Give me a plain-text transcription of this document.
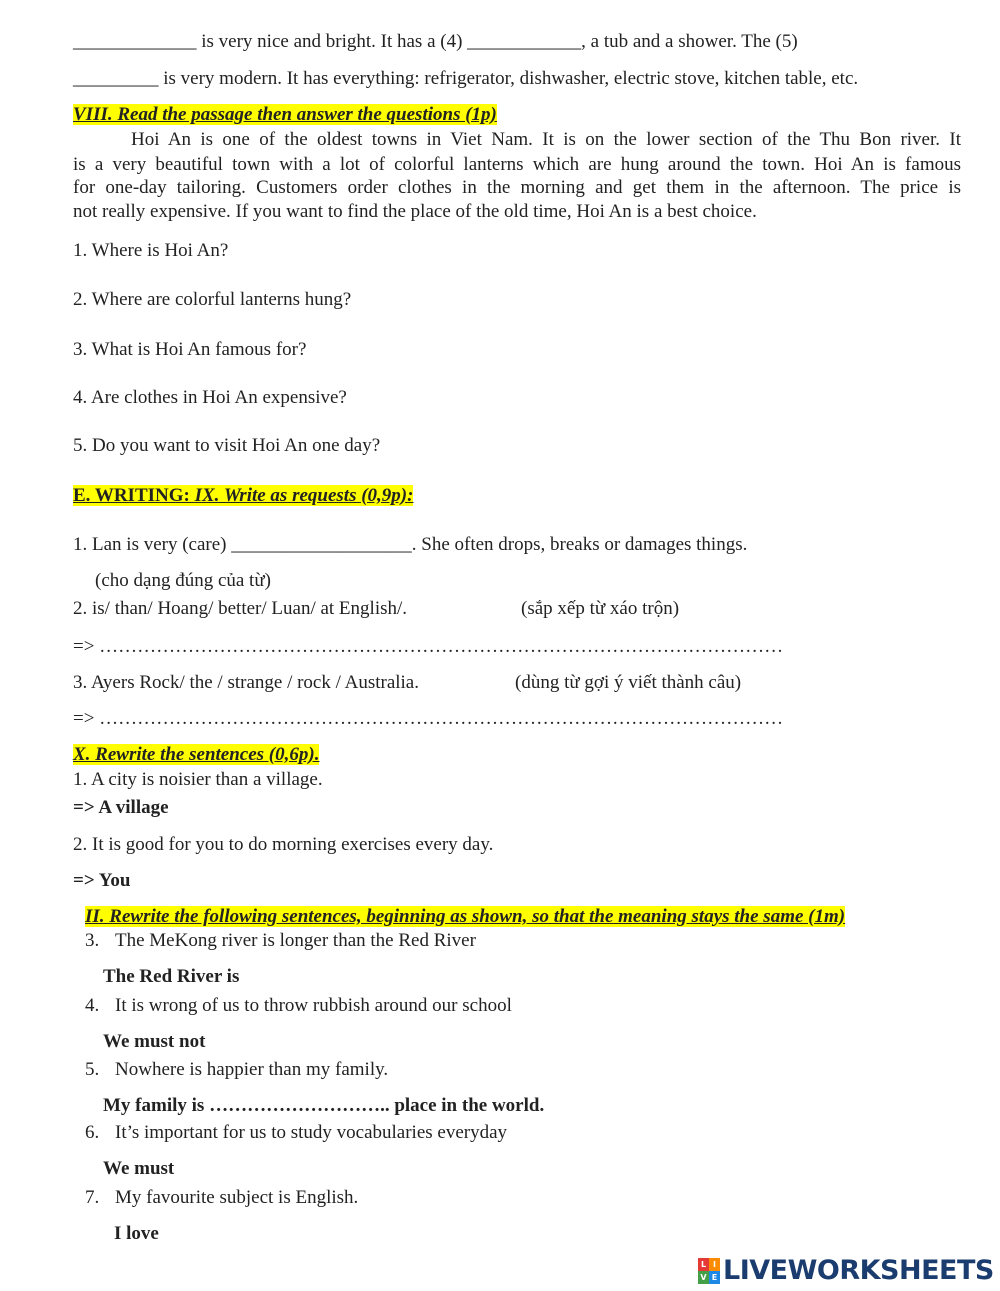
_____________ is very nice and bright. It has a (4) ____________, a tub and a shower. The (5)
_________ is very modern. It has everything: refrigerator, dishwasher, electric stove, kitchen table, etc.
VIII. Read the passage then answer the questions (1p)
Hoi An is one of the oldest towns in Viet Nam. It is on the lower section of the Thu Bon river. It
is a very beautiful town with a lot of colorful lanterns which are hung around the town. Hoi An is famous
for one-day tailoring. Customers order clothes in the morning and get them in the afternoon. The price is
not really expensive. If you want to find the place of the old time, Hoi An is a best choice.
1. Where is Hoi An?
2. Where are colorful lanterns hung?
3. What is Hoi An famous for?
4. Are clothes in Hoi An expensive?
5. Do you want to visit Hoi An one day?
E. WRITING: IX. Write as requests (0,9p):
1. Lan is very (care) ___________________. She often drops, breaks or damages things.
(cho dạng đúng của từ)
2. is/ than/ Hoang/ better/ Luan/ at English/.	(sắp xếp từ xáo trộn)
=> ………………………………………………………………………………………………
3. Ayers Rock/ the / strange / rock / Australia.	(dùng từ gợi ý viết thành câu)
=> ………………………………………………………………………………………………
X. Rewrite the sentences (0,6p).
1. A city is noisier than a village.
=> A village
2. It is good for you to do morning exercises every day.
=> You
II. Rewrite the following sentences, beginning as shown, so that the meaning stays the same (1m)
3. The MeKong river is longer than the Red River
The Red River is
4. It is wrong of us to throw rubbish around our school
We must not
5. Nowhere is happier than my family.
My family is ……………………….. place in the world.
6. It’s important for us to study vocabularies everyday
We must
7. My favourite subject is English.
I love
L I
V E LIVEWORKSHEETS
